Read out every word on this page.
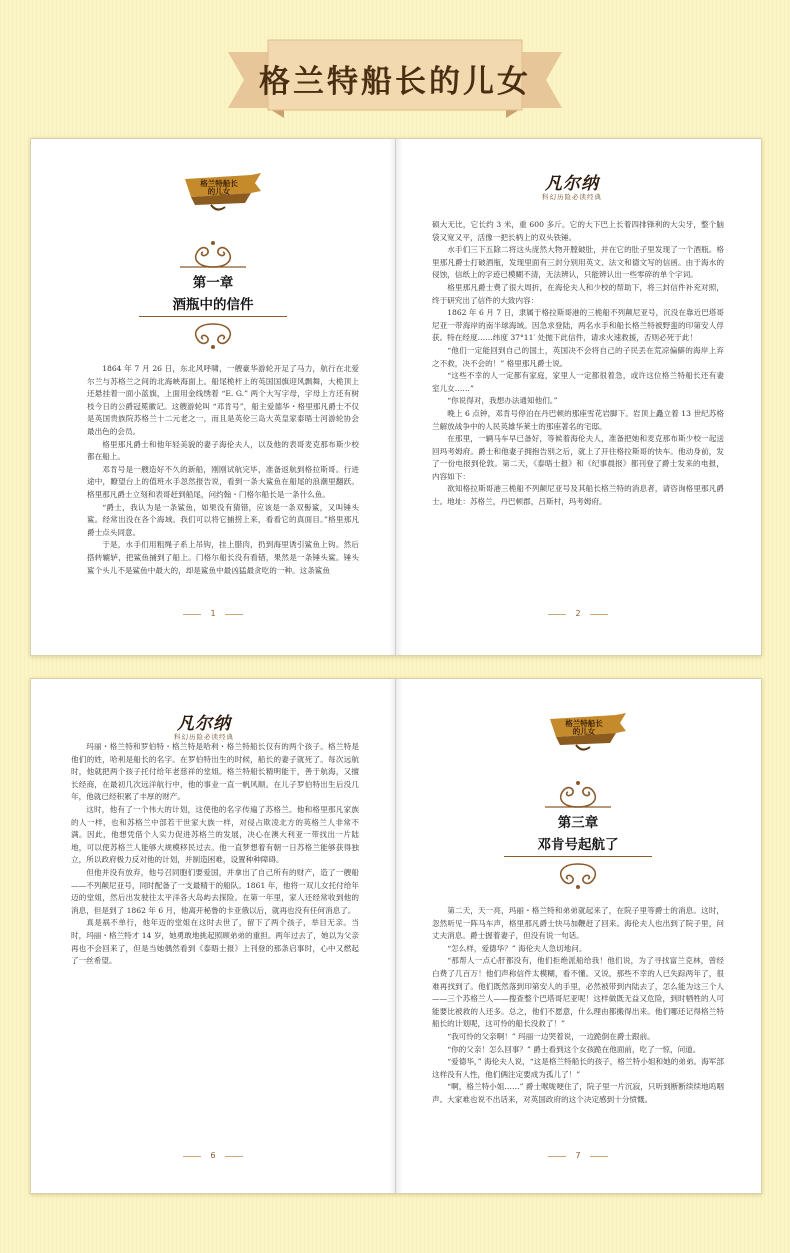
格兰特船长的儿女
格兰特船长的儿女
第一章
酒瓶中的信件

1864 年 7 月 26 日，东北风呼啸，一艘豪华游轮开足了马力，航行在北爱尔兰与苏格兰之间的北海峡海面上。船尾桅杆上的英国国旗迎风飘舞，大桅顶上还悬挂着一面小蓝旗，上面用金线绣着 “E. G.” 两个大写字母，字母上方还有树枝今日的公爵冠冕徽记。这艘游轮叫 “邓肯号”，船主爱德华・格里那凡爵士不仅是英国贵族院苏格兰十二元老之一，而且是英伦三岛大英皇家泰晤士河游轮协会最出色的会员。

格里那凡爵士和他年轻美貌的妻子海伦夫人，以及他的表哥麦克那布斯少校都在船上。

邓肯号是一艘造好不久的新船，刚刚试航完毕，准备返航到格拉斯哥。行进途中，瞭望台上的值班水手忽然报告说，看到一条大鲨鱼在船尾的浪潮里翻跃。格里那凡爵士立刻和表哥赶到船尾，问约翰・门格尔船长是一条什么鱼。

“爵士，我认为是一条鲨鱼，如果没有猜错，应该是一条双髻鲨，又叫锤头鲨。经常出没在各个海域。我们可以将它捕捞上来，看看它的真面目。”格里那凡爵士点头同意。

于是，水手们用粗绳子系上吊钩，挂上腊肉，扔到海里诱引鲨鱼上钩。然后搭转辘轳，把鲨鱼捕到了船上。门格尔船长没有看错，果然是一条锤头鲨。锤头鲨个头儿不是鲨鱼中最大的，却是鲨鱼中最凶猛最贪吃的一种。这条鲨鱼

1
凡尔纳
科幻历险必读经典

硕大无比，它长约 3 米，重 600 多斤。它的大下巴上长着四排锋利的大尖牙，整个脑袋又宽又平，活像一把长柄上的双头铁锤。

水手们三下五除二将这头庞然大物开膛破肚，并在它的肚子里发现了一个酒瓶。格里那凡爵士打破酒瓶，发现里面有三封分别用英文、法文和德文写的信函。由于海水的侵蚀，信纸上的字迹已模糊不清，无法辨认，只能辨认出一些零碎的单个字词。

格里那凡爵士费了很大周折，在海伦夫人和少校的帮助下，将三封信件补充对照，终于研究出了信件的大致内容：

1862 年 6 月 7 日，隶属于格拉斯哥港的三桅船不列颠尼亚号，沉没在靠近巴塔哥尼亚一带海岸的南半球海域。因急求登陆，两名水手和船长格兰特被野蛮的印第安人俘获。特在经度……纬度 37°11′ 处抛下此信件，请求火速救援，否则必死于此！

“他们一定能回到自己的国土，英国决不会将自己的子民丢在荒凉偏僻的海岸上弃之不救，决不会的！” 格里那凡爵士说。

“这些不幸的人一定都有家庭，家里人一定都很着急，或许这位格兰特船长还有妻室儿女……”

“你说得对，我想办法通知他们。”

晚上 6 点钟，邓肯号停泊在丹巴顿的那座雪花岩脚下。岩顶上矗立着 13 世纪苏格兰解放战争中的人民英雄华莱士的那座著名的宅邸。

在那里，一辆马车早已备好，等候着海伦夫人，准备把她和麦克那布斯少校一起送回玛考姆府。爵士和他妻子拥抱告别之后，就上了开往格拉斯哥的快车。他动身前，发了一份电报到伦敦。第二天，《泰晤士报》和《纪事晨报》都刊登了爵士发来的电报，内容如下：

欲知格拉斯哥港三桅船不列颠尼亚号及其船长格兰特的消息者，请咨询格里那凡爵士。地址：苏格兰，丹巴顿郡，吕斯村，玛考姆府。

2
凡尔纳
科幻历险必读经典

玛丽・格兰特和罗伯特・格兰特是哈利・格兰特船长仅有的两个孩子。格兰特是他们的姓，哈利是船长的名字。在罗伯特出生的时候，船长的妻子就死了。每次远航时，他就把两个孩子托付给年老慈祥的堂姐。格兰特船长精明能干，善于航海，又擅长经商，在最初几次远洋航行中，他的事业一直一帆风顺。在儿子罗伯特出生后没几年，他就已经积累了丰厚的财产。

这时，他有了一个伟大的计划，这使他的名字传遍了苏格兰。他和格里那凡家族的人一样，也和苏格兰中部若干世家大族一样，对侵占欺凌北方的英格兰人非常不满。因此，他想凭借个人实力促进苏格兰的发展，决心在澳大利亚一带找出一片陆地，可以使苏格兰人能够大规模移民过去。他一直梦想着有朝一日苏格兰能够获得独立，所以政府极力反对他的计划，并制造困难，设置种种障碍。

但他并没有放弃，他号召同胞们要爱国，并拿出了自己所有的财产，造了一艘船——不列颠尼亚号，同时配备了一支最精干的船队。1861 年，他将一双儿女托付给年迈的堂姐，然后出发驶往太平洋各大岛屿去探险。在第一年里，家人还经常收到他的消息，但是到了 1862 年 6 月，他离开秘鲁的卡亚俄以后，就再也没有任何消息了。

真是祸不单行，他年迈的堂姐在这时去世了，留下了两个孩子，举目无亲。当时，玛丽・格兰特才 14 岁，她勇敢地挑起照顾弟弟的重担。两年过去了，她以为父亲再也不会回来了，但是当她偶然看到《泰晤士报》上刊登的那条启事时，心中又燃起了一丝希望。

6
格兰特船长的儿女
第三章
邓肯号起航了

第二天，天一亮，玛丽・格兰特和弟弟就起来了，在院子里等爵士的消息。这时，忽然听见一阵马车声，格里那凡爵士快马加鞭赶了回来。海伦夫人也出到了院子里，问丈夫消息。爵士握着妻子，但没有说一句话。

“怎么样，爱德华？” 海伦夫人急切地问。

“那帮人一点心肝都没有，他们拒绝派船给我！他们说，为了寻找富兰克林，曾经白费了几百万！他们声称信件太模糊，看不懂。又说，那些不幸的人已失踪两年了，很难再找到了。他们既然落到印第安人的手里，必然被带到内陆去了，怎么能为这三个人——三个苏格兰人——搜查整个巴塔哥尼亚呢！这样做既无益又危险，到时牺牲的人可能要比被救的人还多。总之，他们不愿意，什么理由都搬得出来。他们哪还记得格兰特船长的计划呢，这可怜的船长没救了！”

“我可怜的父亲啊！” 玛丽一边哭着说，一边跪倒在爵士跟前。

“你的父亲！怎么回事？” 爵士看到这个女孩跪在他面前，吃了一惊，问道。

“爱德华，” 海伦夫人说，“这是格兰特船长的孩子，格兰特小姐和她的弟弟。海军部这样没有人性，他们俩注定要成为孤儿了！”

“啊，格兰特小姐……” 爵士喉咙哽住了，院子里一片沉寂，只听到断断续续地呜咽声。大家难也说不出话来，对英国政府的这个决定感到十分愤慨。

7
